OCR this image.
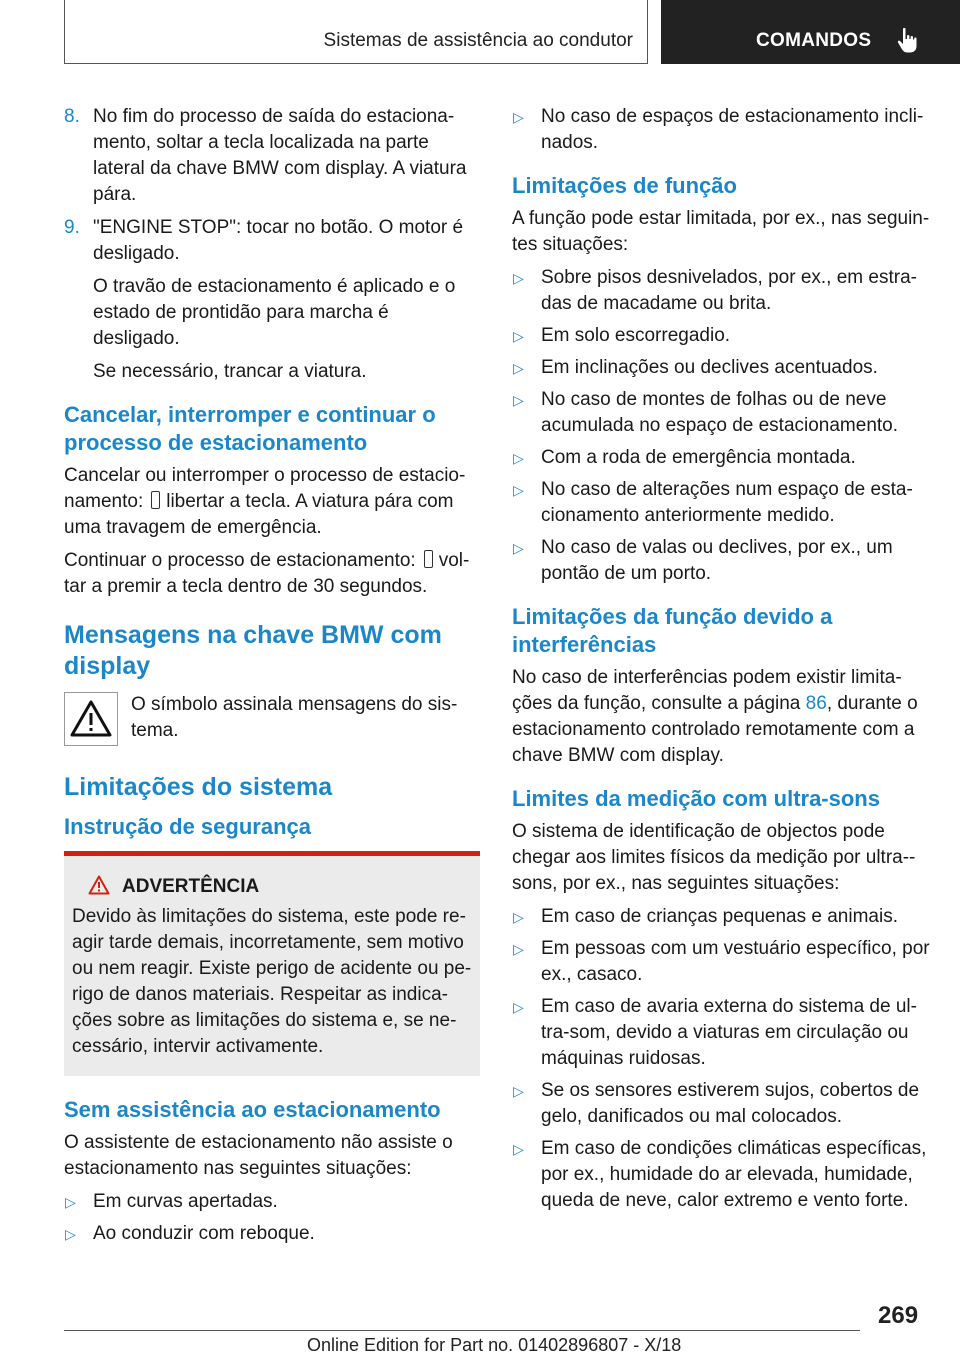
Sistemas de assistência ao condutor	COMANDOS
8. No fim do processo de saída do estaciona-mento, soltar a tecla localizada na parte lateral da chave BMW com display. A viatura pára.
9. "ENGINE STOP": tocar no botão. O motor é desligado.

O travão de estacionamento é aplicado e o estado de prontidão para marcha é desligado.

Se necessário, trancar a viatura.

Cancelar, interromper e continuar o processo de estacionamento

Cancelar ou interromper o processo de estacio-namento: libertar a tecla. A viatura pára com uma travagem de emergência.

Continuar o processo de estacionamento: vol-tar a premir a tecla dentro de 30 segundos.

Mensagens na chave BMW com display
O símbolo assinala mensagens do sis-tema.
Limitações do sistema
Instrução de segurança
ADVERTÊNCIA
Devido às limitações do sistema, este pode re-agir tarde demais, incorretamente, sem motivo ou nem reagir. Existe perigo de acidente ou pe-rigo de danos materiais. Respeitar as indica-ções sobre as limitações do sistema e, se ne-cessário, intervir activamente.
Sem assistência ao estacionamento

O assistente de estacionamento não assiste o estacionamento nas seguintes situações:

▷ Em curvas apertadas.
▷ Ao conduzir com reboque.
▷ No caso de espaços de estacionamento incli-nados.
Limitações de função

A função pode estar limitada, por ex., nas seguin-tes situações:

▷ Sobre pisos desnivelados, por ex., em estra-das de macadame ou brita.
▷ Em solo escorregadio.
▷ Em inclinações ou declives acentuados.
▷ No caso de montes de folhas ou de neve acumulada no espaço de estacionamento.
▷ Com a roda de emergência montada.
▷ No caso de alterações num espaço de esta-cionamento anteriormente medido.
▷ No caso de valas ou declives, por ex., um pontão de um porto.
Limitações da função devido a interferências

No caso de interferências podem existir limita-ções da função, consulte a página 86, durante o estacionamento controlado remotamente com a chave BMW com display.

Limites da medição com ultra-sons

O sistema de identificação de objectos pode chegar aos limites físicos da medição por ultra--sons, por ex., nas seguintes situações:

▷ Em caso de crianças pequenas e animais.
▷ Em pessoas com um vestuário específico, por ex., casaco.
▷ Em caso de avaria externa do sistema de ul-tra-som, devido a viaturas em circulação ou máquinas ruidosas.
▷ Se os sensores estiverem sujos, cobertos de gelo, danificados ou mal colocados.
▷ Em caso de condições climáticas específicas, por ex., humidade do ar elevada, humidade, queda de neve, calor extremo e vento forte.
269
Online Edition for Part no. 01402896807 - X/18
